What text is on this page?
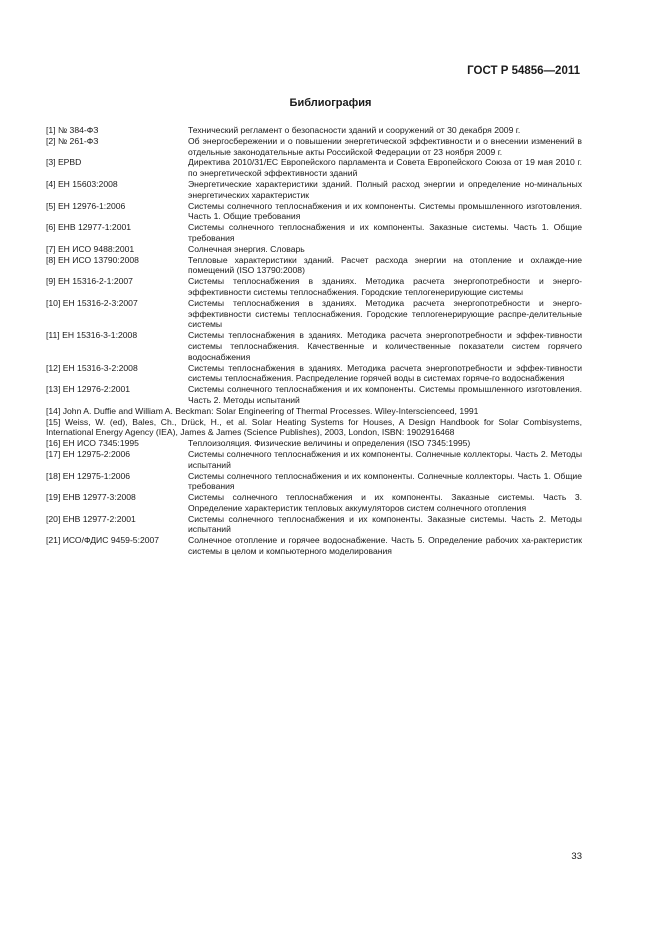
ГОСТ Р 54856—2011
Библиография
[1] № 384-ФЗ	Технический регламент о безопасности зданий и сооружений от 30 декабря 2009 г.
[2] № 261-ФЗ	Об энергосбережении и о повышении энергетической эффективности и о внесении изменений в отдельные законодательные акты Российской Федерации от 23 ноября 2009 г.
[3] EPBD	Директива 2010/31/ЕС Европейского парламента и Совета Европейского Союза от 19 мая 2010 г. по энергетической эффективности зданий
[4] ЕН 15603:2008	Энергетические характеристики зданий. Полный расход энергии и определение но-минальных энергетических характеристик
[5] ЕН 12976-1:2006	Системы солнечного теплоснабжения и их компоненты. Системы промышленного изготовления. Часть 1. Общие требования
[6] ЕНВ 12977-1:2001	Системы солнечного теплоснабжения и их компоненты. Заказные системы. Часть 1. Общие требования
[7] ЕН ИСО 9488:2001	Солнечная энергия. Словарь
[8] ЕН ИСО 13790:2008	Тепловые характеристики зданий. Расчет расхода энергии на отопление и охлажде-ние помещений (ISO 13790:2008)
[9] ЕН 15316-2-1:2007	Системы теплоснабжения в зданиях. Методика расчета энергопотребности и энерго-эффективности системы теплоснабжения. Городские теплогенерирующие системы
[10] ЕН 15316-2-3:2007	Системы теплоснабжения в зданиях. Методика расчета энергопотребности и энерго-эффективности системы теплоснабжения. Городские теплогенерирующие распре-делительные системы
[11] ЕН 15316-3-1:2008	Системы теплоснабжения в зданиях. Методика расчета энергопотребности и эффек-тивности системы теплоснабжения. Качественные и количественные показатели систем горячего водоснабжения
[12] ЕН 15316-3-2:2008	Системы теплоснабжения в зданиях. Методика расчета энергопотребности и эффек-тивности системы теплоснабжения. Распределение горячей воды в системах горяче-го водоснабжения
[13] ЕН 12976-2:2001	Системы солнечного теплоснабжения и их компоненты. Системы промышленного изготовления. Часть 2. Методы испытаний
[14] John A. Duffie and William A. Beckman: Solar Engineering of Thermal Processes. Wiley-Intersciencеed, 1991
[15] Weiss, W. (ed), Bales, Ch., Drück, H., et al. Solar Heating Systems for Houses, A Design Handbook for Solar Combisystems, International Energy Agency (IEA), James & James (Science Publishes), 2003, London, ISBN: 1902916468
[16] ЕН ИСО 7345:1995	Теплоизоляция. Физические величины и определения (ISO 7345:1995)
[17] ЕН 12975-2:2006	Системы солнечного теплоснабжения и их компоненты. Солнечные коллекторы. Часть 2. Методы испытаний
[18] ЕН 12975-1:2006	Системы солнечного теплоснабжения и их компоненты. Солнечные коллекторы. Часть 1. Общие требования
[19] ЕНВ 12977-3:2008	Системы солнечного теплоснабжения и их компоненты. Заказные системы. Часть 3. Определение характеристик тепловых аккумуляторов систем солнечного отопления
[20] ЕНВ 12977-2:2001	Системы солнечного теплоснабжения и их компоненты. Заказные системы. Часть 2. Методы испытаний
[21] ИСО/ФДИС 9459-5:2007	Солнечное отопление и горячее водоснабжение. Часть 5. Определение рабочих ха-рактеристик системы в целом и компьютерного моделирования
33
